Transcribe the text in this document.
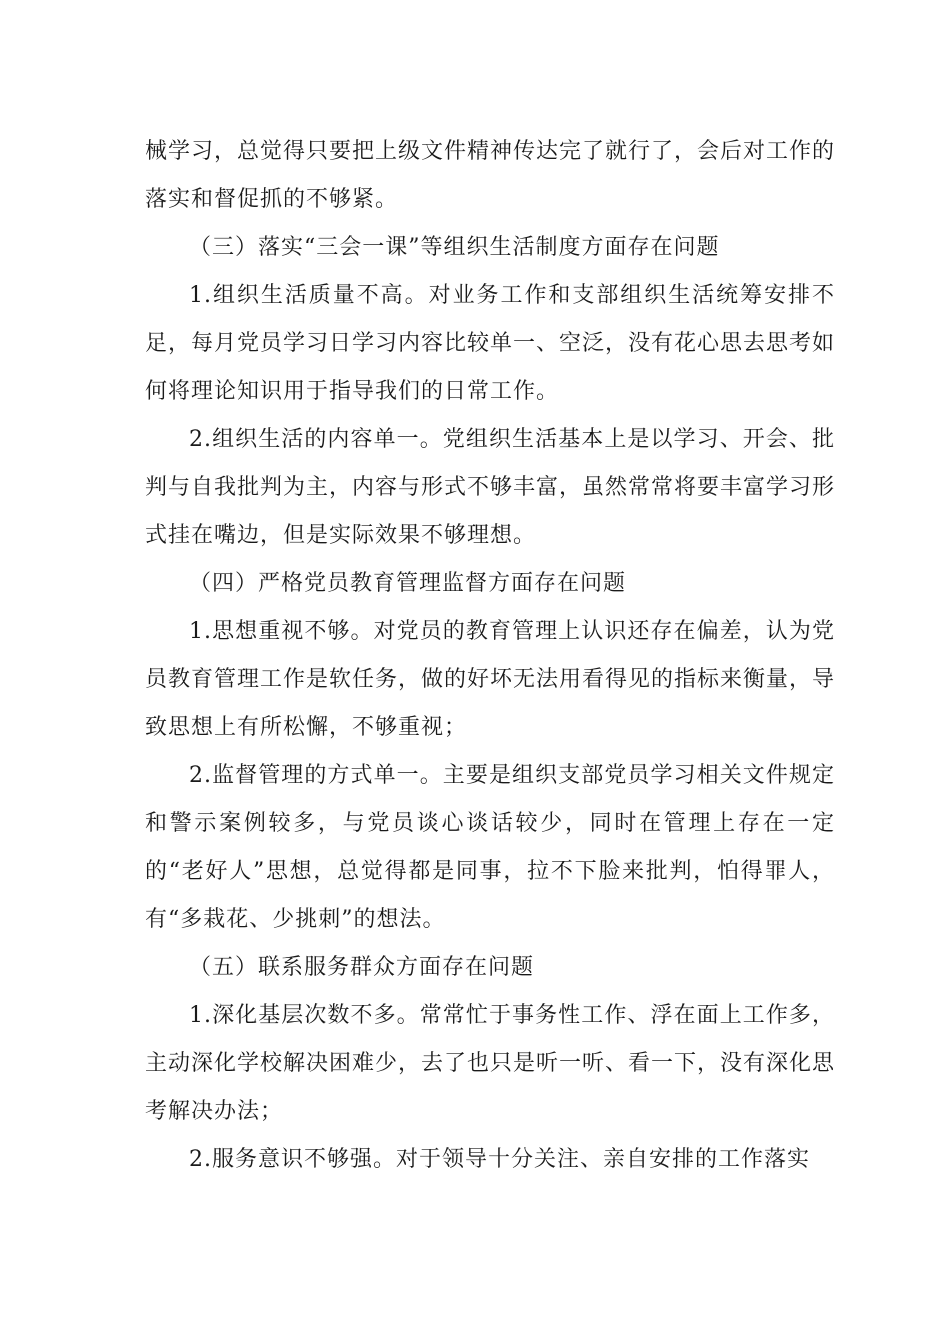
械学习，总觉得只要把上级文件精神传达完了就行了，会后对工作的落实和督促抓的不够紧。

（三）落实“三会一课”等组织生活制度方面存在问题

1.组织生活质量不高。对业务工作和支部组织生活统筹安排不足，每月党员学习日学习内容比较单一、空泛，没有花心思去思考如何将理论知识用于指导我们的日常工作。

2.组织生活的内容单一。党组织生活基本上是以学习、开会、批判与自我批判为主，内容与形式不够丰富，虽然常常将要丰富学习形式挂在嘴边，但是实际效果不够理想。

（四）严格党员教育管理监督方面存在问题

1.思想重视不够。对党员的教育管理上认识还存在偏差，认为党员教育管理工作是软任务，做的好坏无法用看得见的指标来衡量，导致思想上有所松懈，不够重视；

2.监督管理的方式单一。主要是组织支部党员学习相关文件规定和警示案例较多，与党员谈心谈话较少，同时在管理上存在一定的“老好人”思想，总觉得都是同事，拉不下脸来批判，怕得罪人，有“多栽花、少挑刺”的想法。

（五）联系服务群众方面存在问题

1.深化基层次数不多。常常忙于事务性工作、浮在面上工作多，主动深化学校解决困难少，去了也只是听一听、看一下，没有深化思考解决办法；

2.服务意识不够强。对于领导十分关注、亲自安排的工作落实
